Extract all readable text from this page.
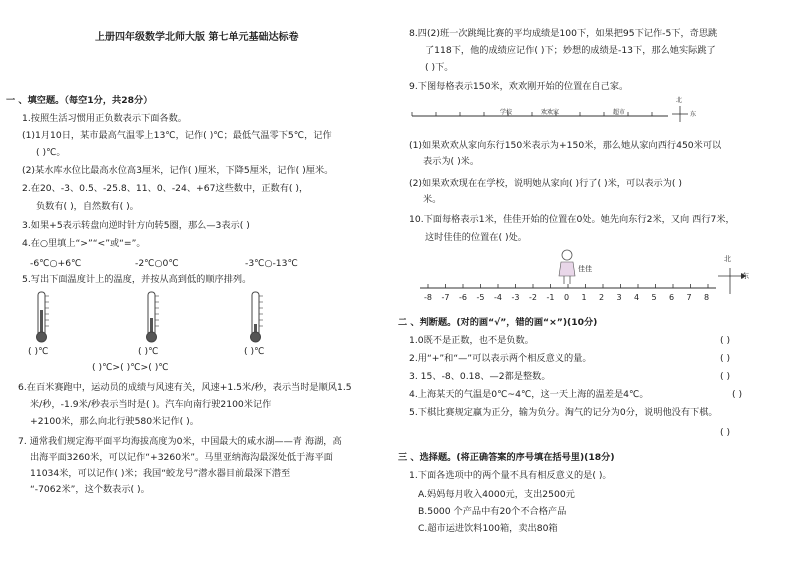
上册四年级数学北师大版 第七单元基础达标卷
一 、填空题。（每空1分，共28分）
1.按照生活习惯用正负数表示下面各数。
(1)1月10日，某市最高气温零上13℃，记作( )℃；最低气温零下5℃，记作
( )℃。
(2)某水库水位比最高水位高3厘米，记作( )厘米，下降5厘米，记作( )厘米。
2.在20、-3、0.5、-25.8、11、0、-24、+67这些数中，正数有( )，
负数有( )，自然数有( )。
3.如果+5表示转盘向逆时针方向转5圈，那么—3表示( )
4.在○里填上“>”“<”或“=”。
-6℃○+6℃	-2℃○0℃	-3℃○-13℃
5.写出下面温度计上的温度，并按从高到低的顺序排列。
( )℃	( )℃	( )℃
( )℃>( )℃>( )℃
6.在百米赛跑中，运动员的成绩与风速有关，风速+1.5米/秒，表示当时是顺风1.5
米/秒，-1.9米/秒表示当时是( )。汽车向南行驶2100米记作
+2100米，那么向北行驶580米记作( )。
7. 通常我们规定海平面平均海拔高度为0米，中国最大的咸水湖——青 海湖，高
出海平面3260米，可以记作“+3260米”。马里亚纳海沟最深处低于海平面
11034米，可以记作( )米；我国“蛟龙号”潜水器目前最深下潜至
“-7062米”，这个数表示( )。
8.四(2)班一次跳绳比赛的平均成绩是100下，如果把95下记作-5下，奇思跳
了118下，他的成绩应记作( )下；妙想的成绩是-13下，那么她实际跳了
( )下。
9.下图每格表示150米，欢欢刚开始的位置在自己家。
学校	欢欢家	超市
北
东
(1)如果欢欢从家向东行150米表示为+150米，那么她从家向西行450米可以
表示为( )米。
(2)如果欢欢现在在学校，说明她从家向( )行了( )米，可以表示为( )
米。
10.下面每格表示1米，佳佳开始的位置在0处。她先向东行2米，又向 西行7米，
这时佳佳的位置在( )处。
佳佳
东
北
-8 -7 -6 -5 -4 -3 -2 -1 0 1 2 3 4 5 6 7 8
二 、判断题。(对的画“√”，错的画“×”)(10分)
1.0既不是正数，也不是负数。	( )
2.用“+”和“—”可以表示两个相反意义的量。	( )
3. 15、-8、0.18、—2都是整数。	( )
4.上海某天的气温是0℃~4℃，这一天上海的温差是4℃。	( )
5.下棋比赛规定赢为正分，输为负分。淘气的记分为0分，说明他没有下棋。
( )
三 、选择题。(将正确答案的序号填在括号里)(18分)
1.下面各选项中的两个量不具有相反意义的是( )。
A.妈妈每月收入4000元，支出2500元
B.5000 个产品中有20个不合格产品
C.超市运进饮料100箱，卖出80箱
